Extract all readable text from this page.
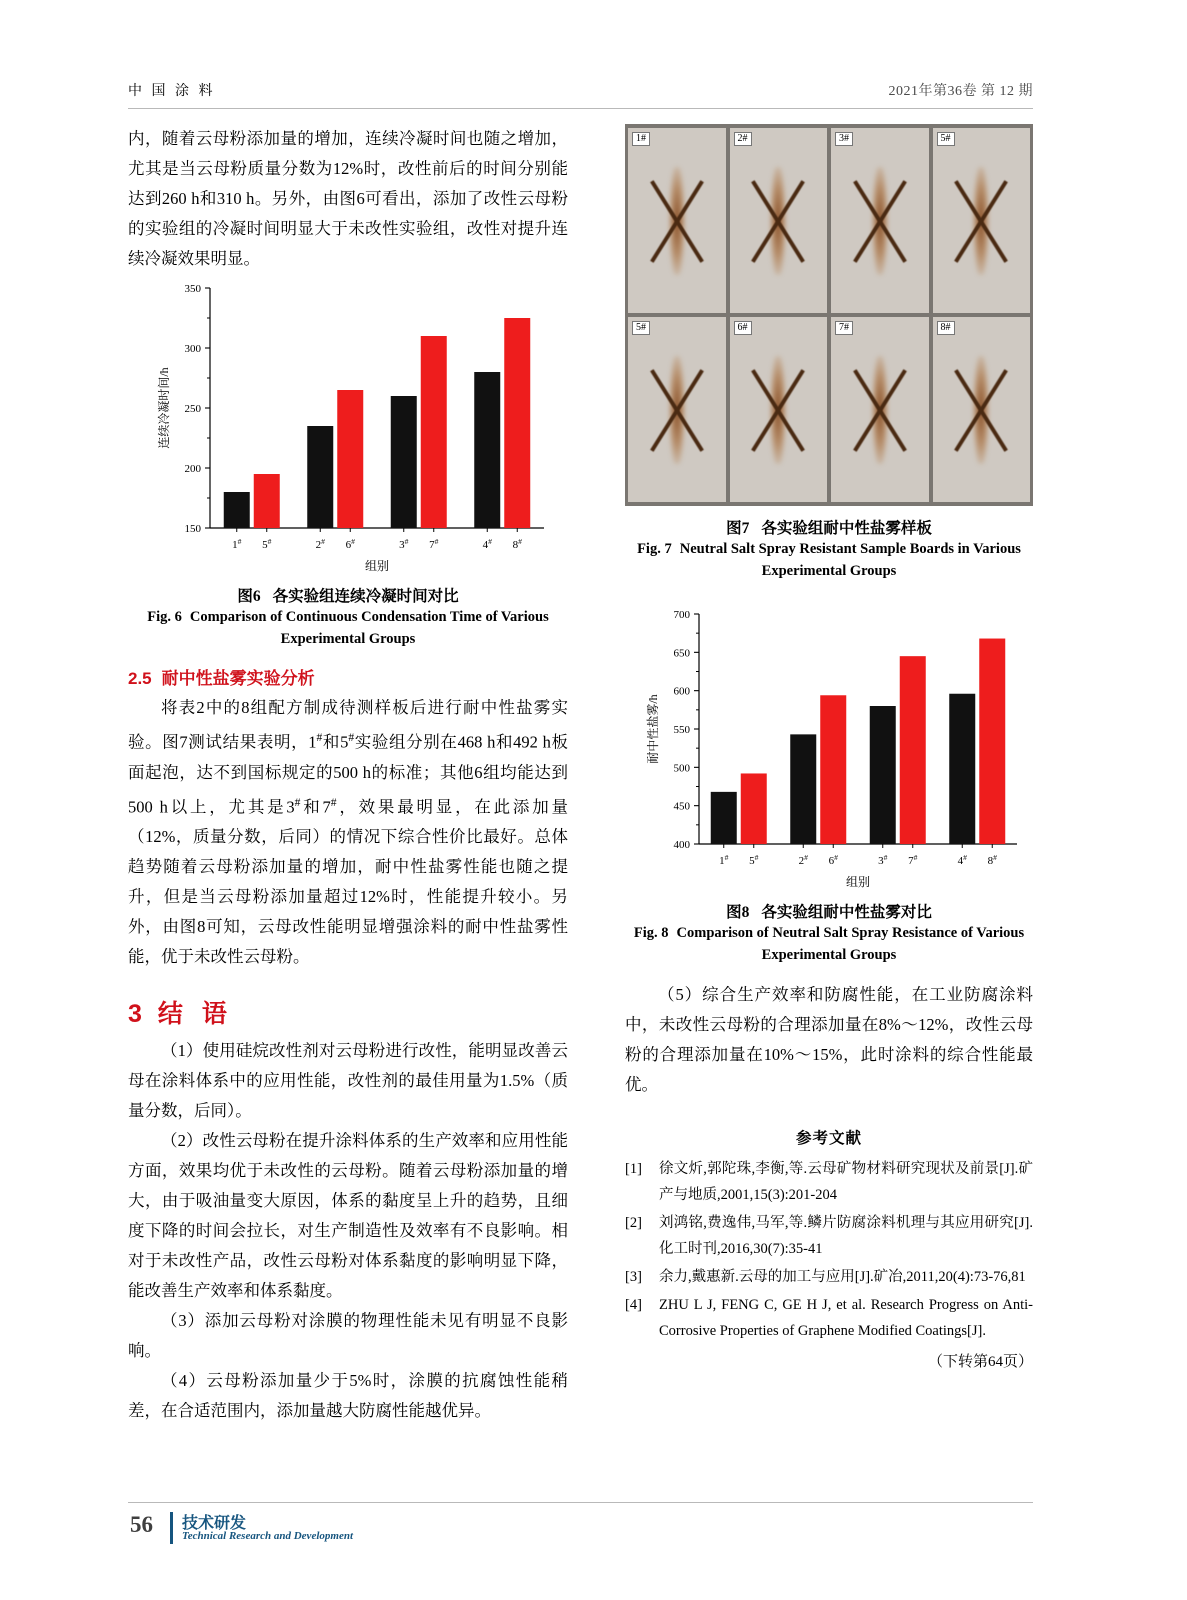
中 国 涂 料	2021年第36卷 第 12 期

内，随着云母粉添加量的增加，连续冷凝时间也随之增加，尤其是当云母粉质量分数为12%时，改性前后的时间分别能达到260 h和310 h。另外，由图6可看出，添加了改性云母粉的实验组的冷凝时间明显大于未改性实验组，改性对提升连续冷凝效果明显。

150
200
250
300
350
1# 5#	2# 6#	3# 7#	4# 8#
组别
连续冷凝时间/h
图6 各实验组连续冷凝时间对比
Fig. 6 Comparison of Continuous Condensation Time of Various Experimental Groups
2.5 耐中性盐雾实验分析

将表2中的8组配方制成待测样板后进行耐中性盐雾实验。图7测试结果表明，1#和5#实验组分别在468 h和492 h板面起泡，达不到国标规定的500 h的标准；其他6组均能达到500 h以上，尤其是3#和7#，效果最明显，在此添加量（12%，质量分数，后同）的情况下综合性价比最好。总体趋势随着云母粉添加量的增加，耐中性盐雾性能也随之提升，但是当云母粉添加量超过12%时，性能提升较小。另外，由图8可知，云母改性能明显增强涂料的耐中性盐雾性能，优于未改性云母粉。

3 结 语

（1）使用硅烷改性剂对云母粉进行改性，能明显改善云母在涂料体系中的应用性能，改性剂的最佳用量为1.5%（质量分数，后同）。

（2）改性云母粉在提升涂料体系的生产效率和应用性能方面，效果均优于未改性的云母粉。随着云母粉添加量的增大，由于吸油量变大原因，体系的黏度呈上升的趋势，且细度下降的时间会拉长，对生产制造性及效率有不良影响。相对于未改性产品，改性云母粉对体系黏度的影响明显下降，能改善生产效率和体系黏度。

（3）添加云母粉对涂膜的物理性能未见有明显不良影响。

（4）云母粉添加量少于5%时，涂膜的抗腐蚀性能稍差，在合适范围内，添加量越大防腐性能越优异。

1#	2#	3#	5#
5#	6#	7#	8#
图7 各实验组耐中性盐雾样板
Fig. 7 Neutral Salt Spray Resistant Sample Boards in Various Experimental Groups
400
450
500
550
600
650
700
1# 5#	2# 6#	3# 7#	4# 8#
组别
耐中性盐雾/h
图8 各实验组耐中性盐雾对比
Fig. 8 Comparison of Neutral Salt Spray Resistance of Various Experimental Groups

（5）综合生产效率和防腐性能，在工业防腐涂料中，未改性云母粉的合理添加量在8%～12%，改性云母粉的合理添加量在10%～15%，此时涂料的综合性能最优。

参考文献
[1]	徐文炘,郭陀珠,李衡,等.云母矿物材料研究现状及前景[J].矿产与地质,2001,15(3):201-204
[2]	刘鸿铭,费逸伟,马军,等.鳞片防腐涂料机理与其应用研究[J].化工时刊,2016,30(7):35-41
[3]	余力,戴惠新.云母的加工与应用[J].矿冶,2011,20(4):73-76,81
[4]	ZHU L J, FENG C, GE H J, et al. Research Progress on Anti-Corrosive Properties of Graphene Modified Coatings[J].
（下转第64页）
56 技术研发
Technical Research and Development
